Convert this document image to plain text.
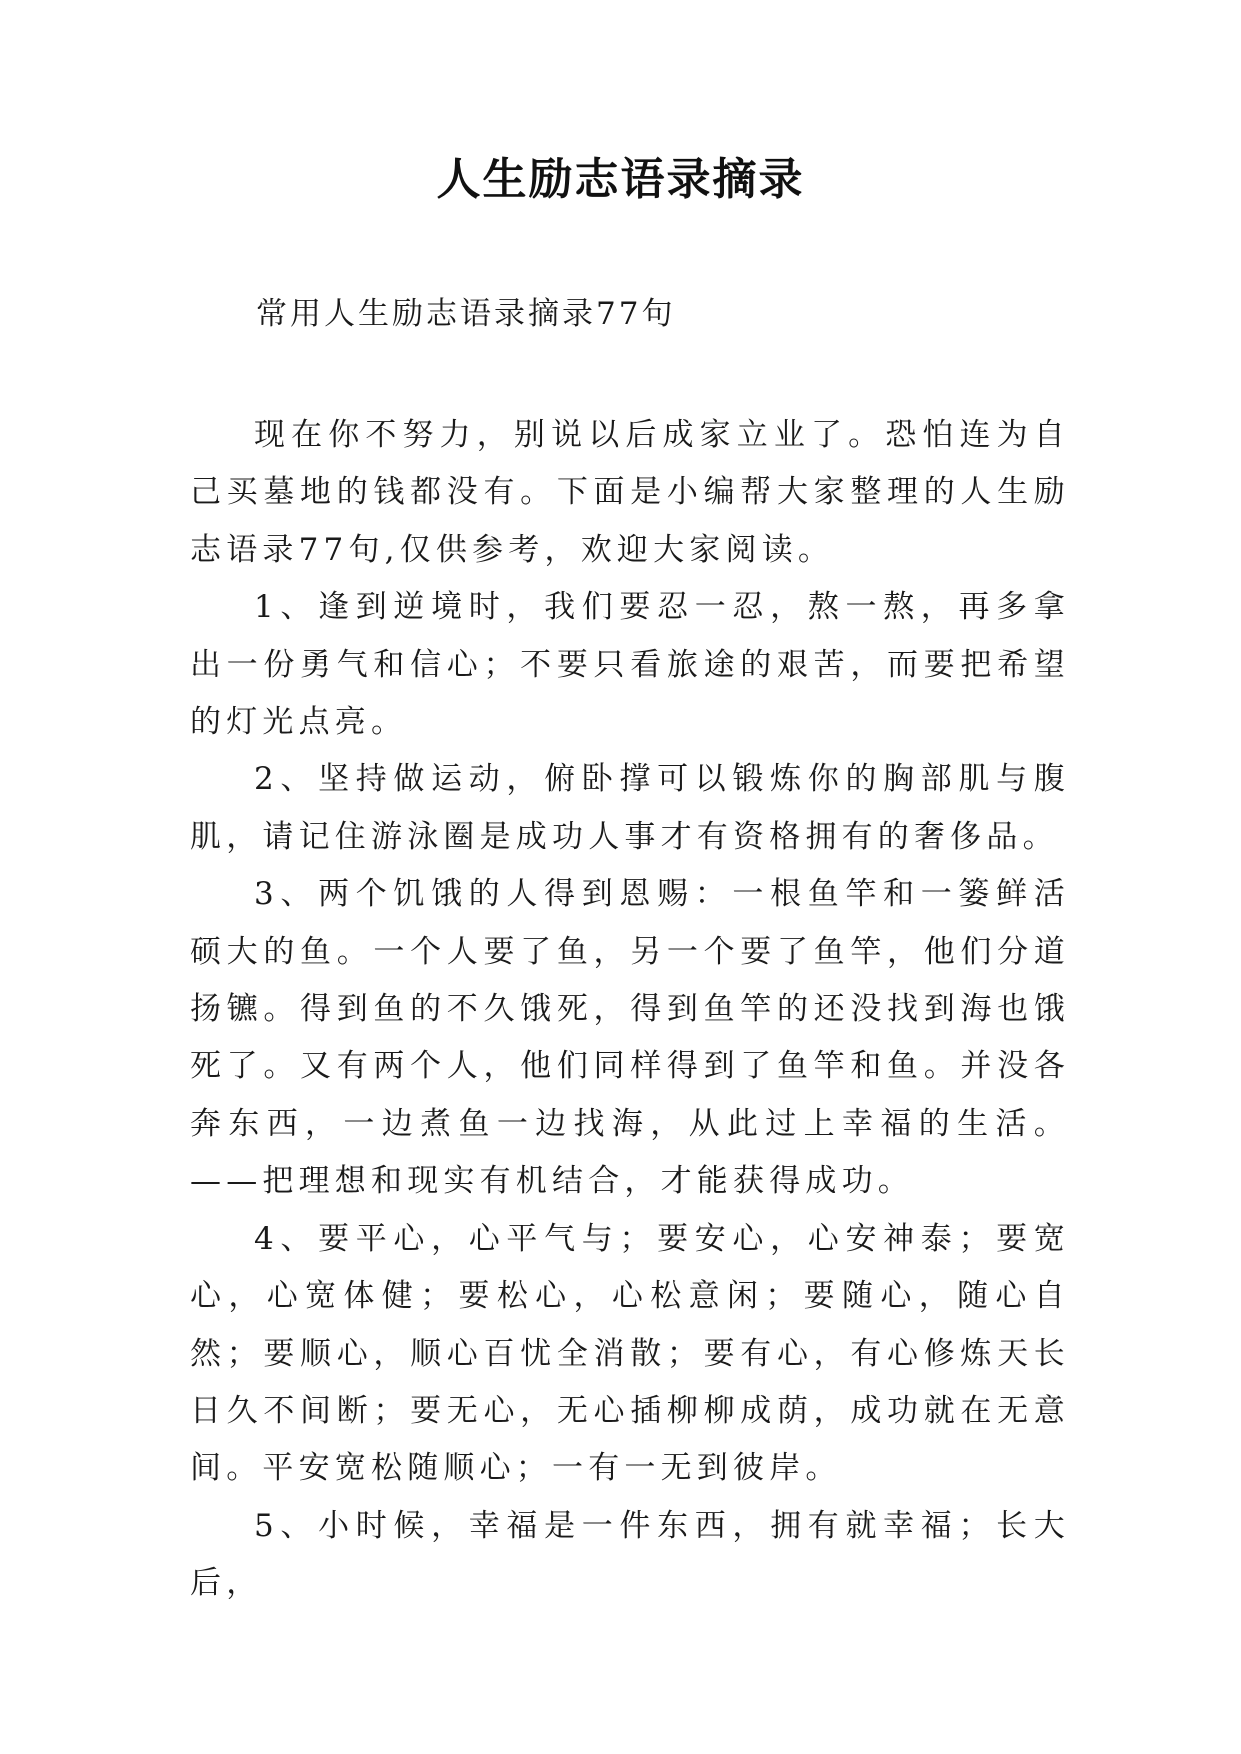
人生励志语录摘录
常用人生励志语录摘录77句

现在你不努力，别说以后成家立业了。恐怕连为自己买墓地的钱都没有。下面是小编帮大家整理的人生励志语录77句,仅供参考，欢迎大家阅读。

1、逢到逆境时，我们要忍一忍，熬一熬，再多拿出一份勇气和信心；不要只看旅途的艰苦，而要把希望的灯光点亮。

2、坚持做运动，俯卧撑可以锻炼你的胸部肌与腹肌，请记住游泳圈是成功人事才有资格拥有的奢侈品。

3、两个饥饿的人得到恩赐：一根鱼竿和一篓鲜活硕大的鱼。一个人要了鱼，另一个要了鱼竿，他们分道扬镳。得到鱼的不久饿死，得到鱼竿的还没找到海也饿死了。又有两个人，他们同样得到了鱼竿和鱼。并没各奔东西，一边煮鱼一边找海，从此过上幸福的生活。——把理想和现实有机结合，才能获得成功。

4、要平心，心平气与；要安心，心安神泰；要宽心，心宽体健；要松心，心松意闲；要随心，随心自然；要顺心，顺心百忧全消散；要有心，有心修炼天长日久不间断；要无心，无心插柳柳成荫，成功就在无意间。平安宽松随顺心；一有一无到彼岸。

5、小时候，幸福是一件东西，拥有就幸福；长大后，
